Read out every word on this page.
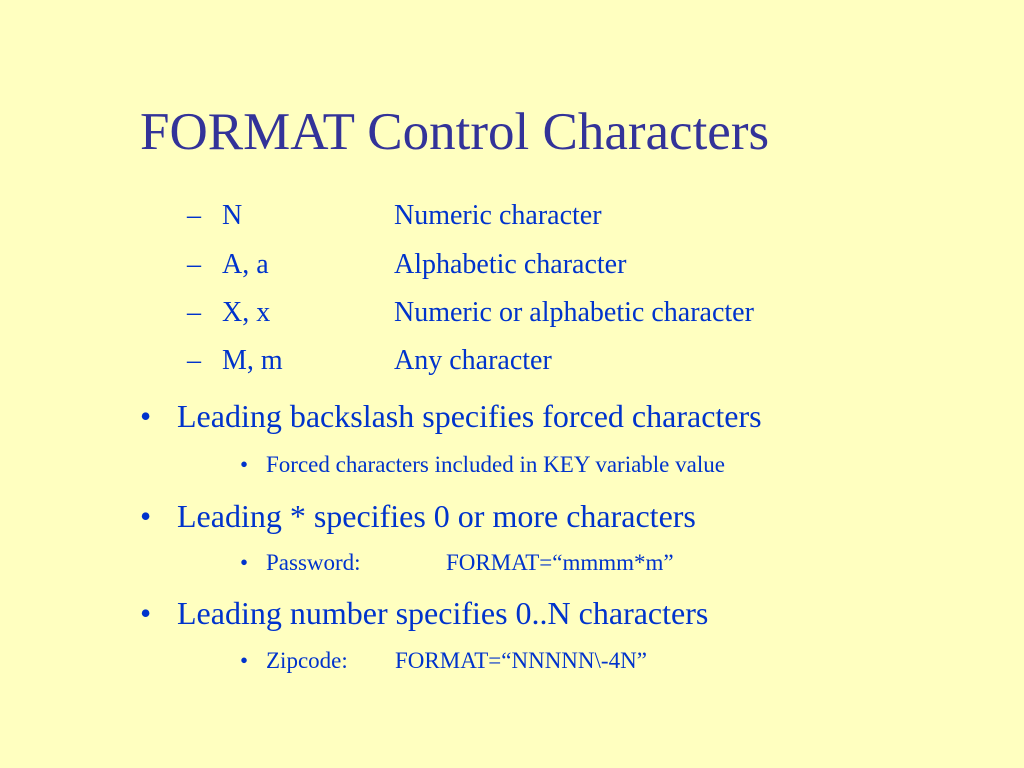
FORMAT Control Characters
– N	Numeric character
– A, a	Alphabetic character
– X, x	Numeric or alphabetic character
– M, m	Any character
• Leading backslash specifies forced characters
• Forced characters included in KEY variable value
• Leading * specifies 0 or more characters
• Password:	FORMAT=“mmmm*m”
• Leading number specifies 0..N characters
• Zipcode: FORMAT=“NNNNN\-4N”
